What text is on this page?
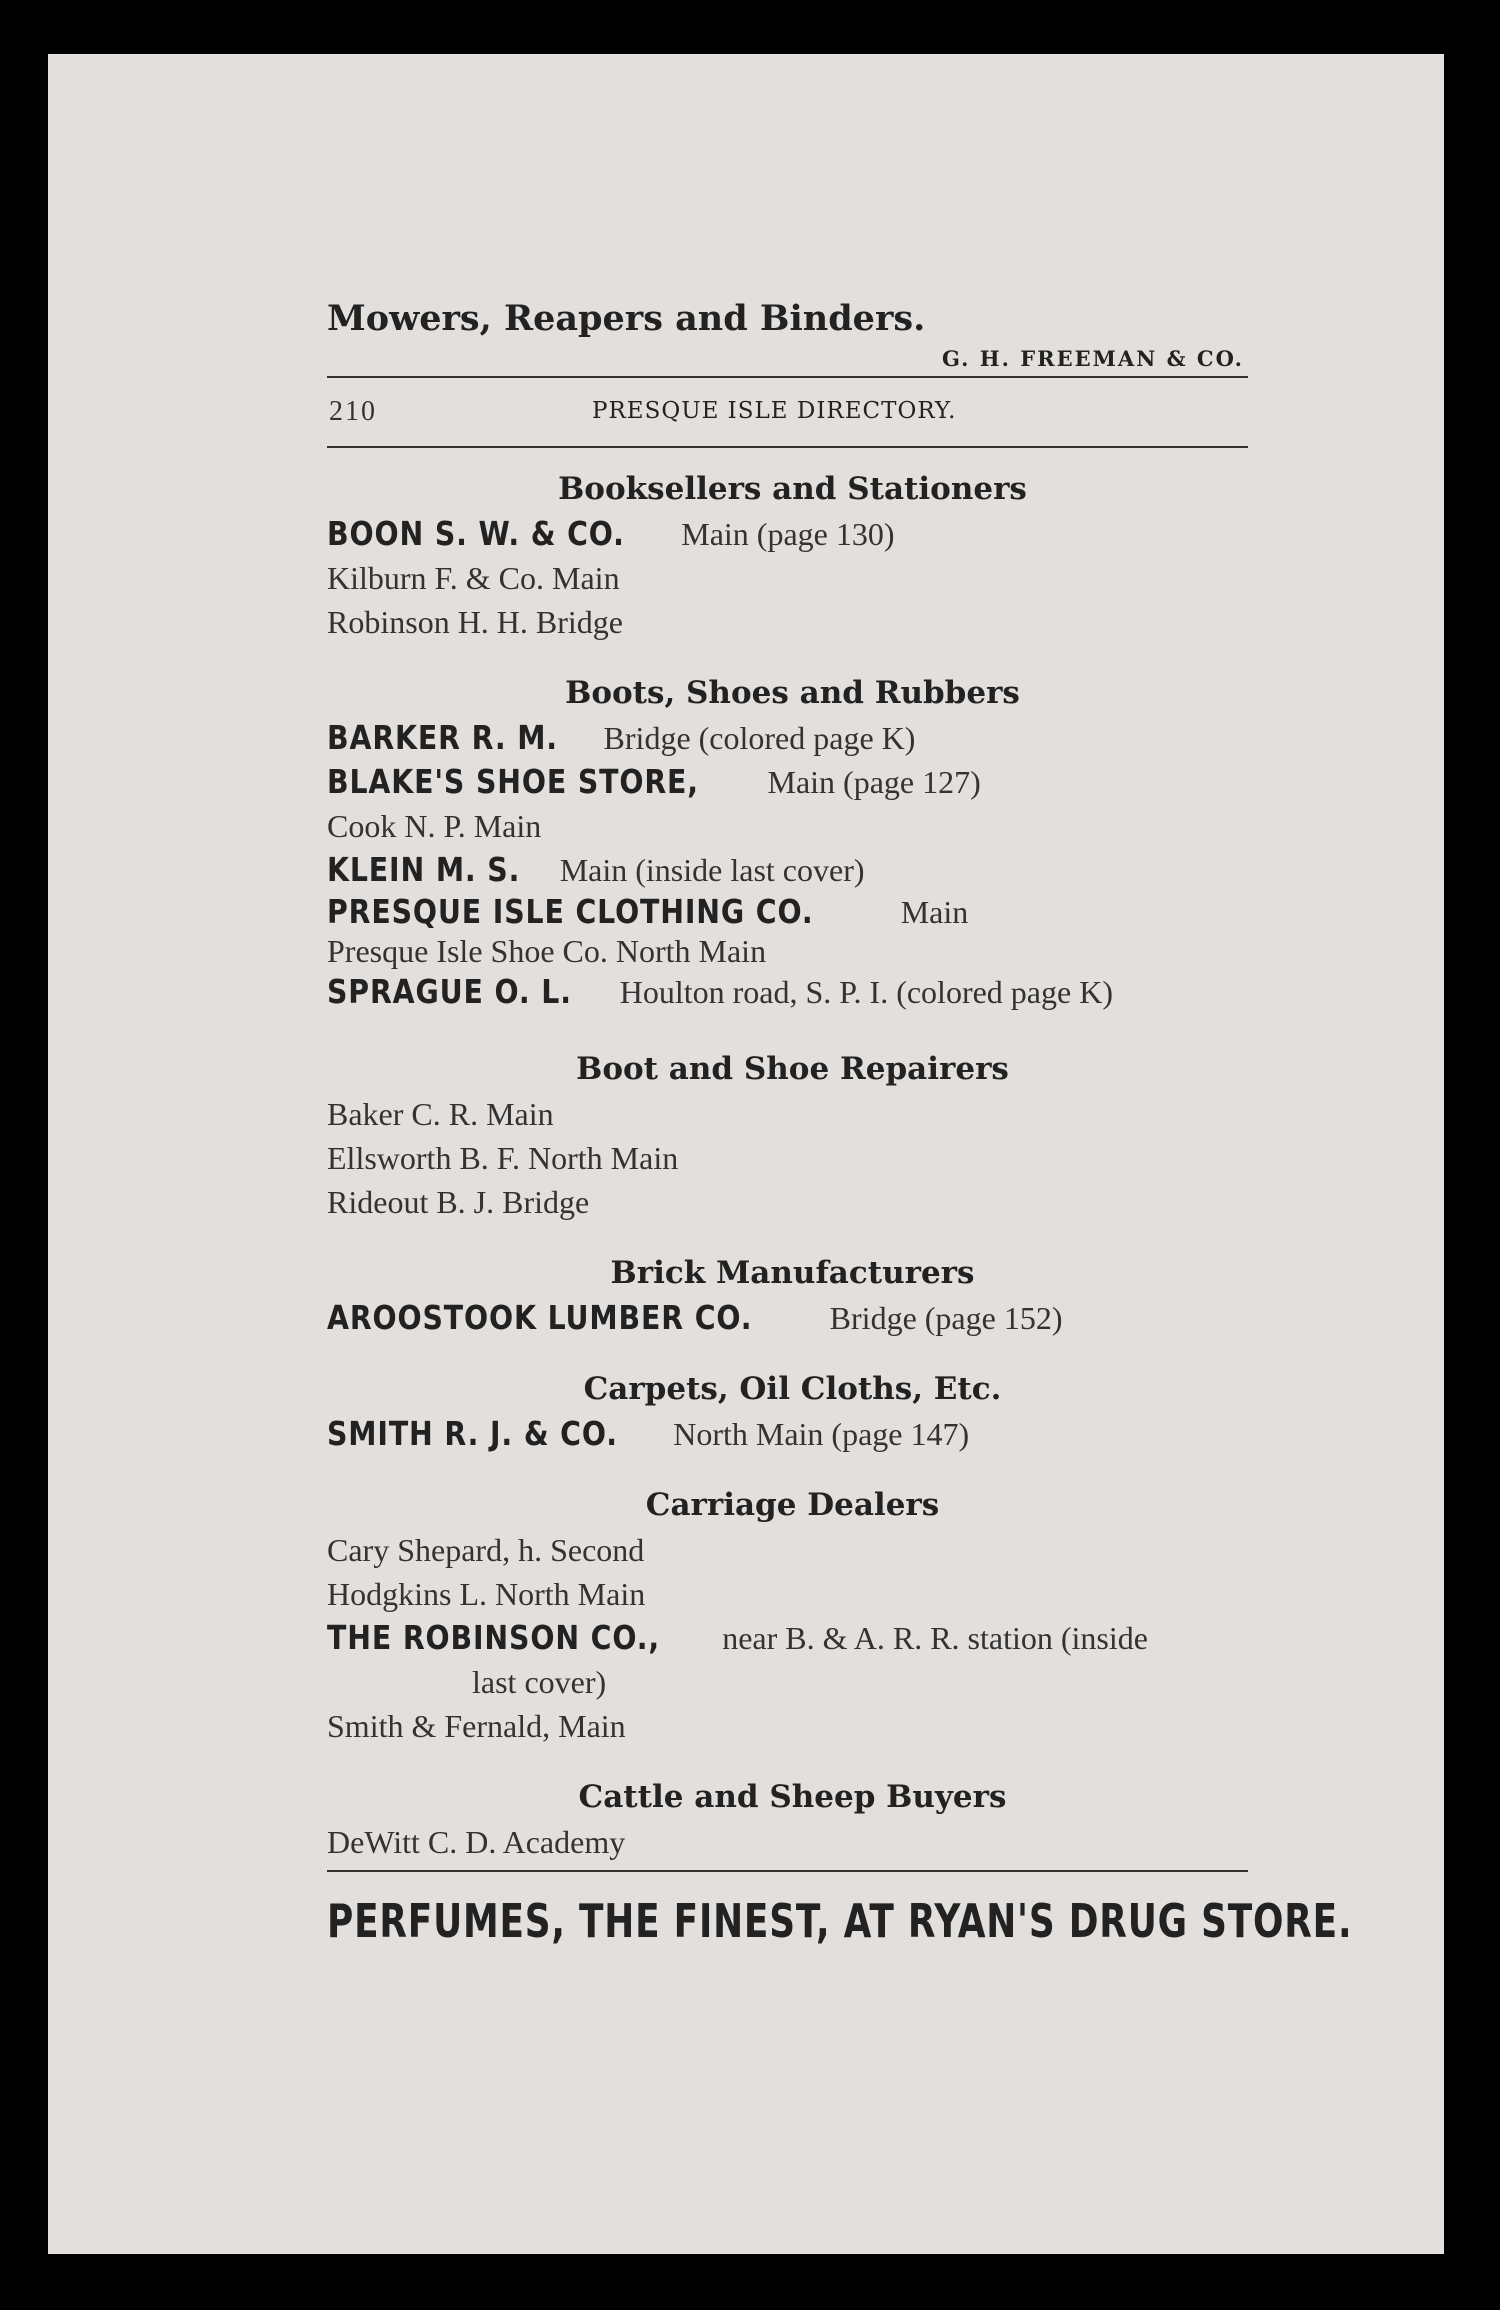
Mowers, Reapers and Binders.
G. H. FREEMAN & CO.
210	PRESQUE ISLE DIRECTORY.
Booksellers and Stationers
BOON S. W. & CO. Main (page 130)
Kilburn F. & Co. Main
Robinson H. H. Bridge
Boots, Shoes and Rubbers
BARKER R. M. Bridge (colored page K)
BLAKE'S SHOE STORE, Main (page 127)
Cook N. P. Main
KLEIN M. S. Main (inside last cover)
PRESQUE ISLE CLOTHING CO. Main
Presque Isle Shoe Co. North Main
SPRAGUE O. L. Houlton road, S. P. I. (colored page K)
Boot and Shoe Repairers
Baker C. R. Main
Ellsworth B. F. North Main
Rideout B. J. Bridge
Brick Manufacturers
AROOSTOOK LUMBER CO. Bridge (page 152)
Carpets, Oil Cloths, Etc.
SMITH R. J. & CO. North Main (page 147)
Carriage Dealers
Cary Shepard, h. Second
Hodgkins L. North Main
THE ROBINSON CO., near B. & A. R. R. station (inside
last cover)
Smith & Fernald, Main
Cattle and Sheep Buyers
DeWitt C. D. Academy
PERFUMES, THE FINEST, AT RYAN'S DRUG STORE.
